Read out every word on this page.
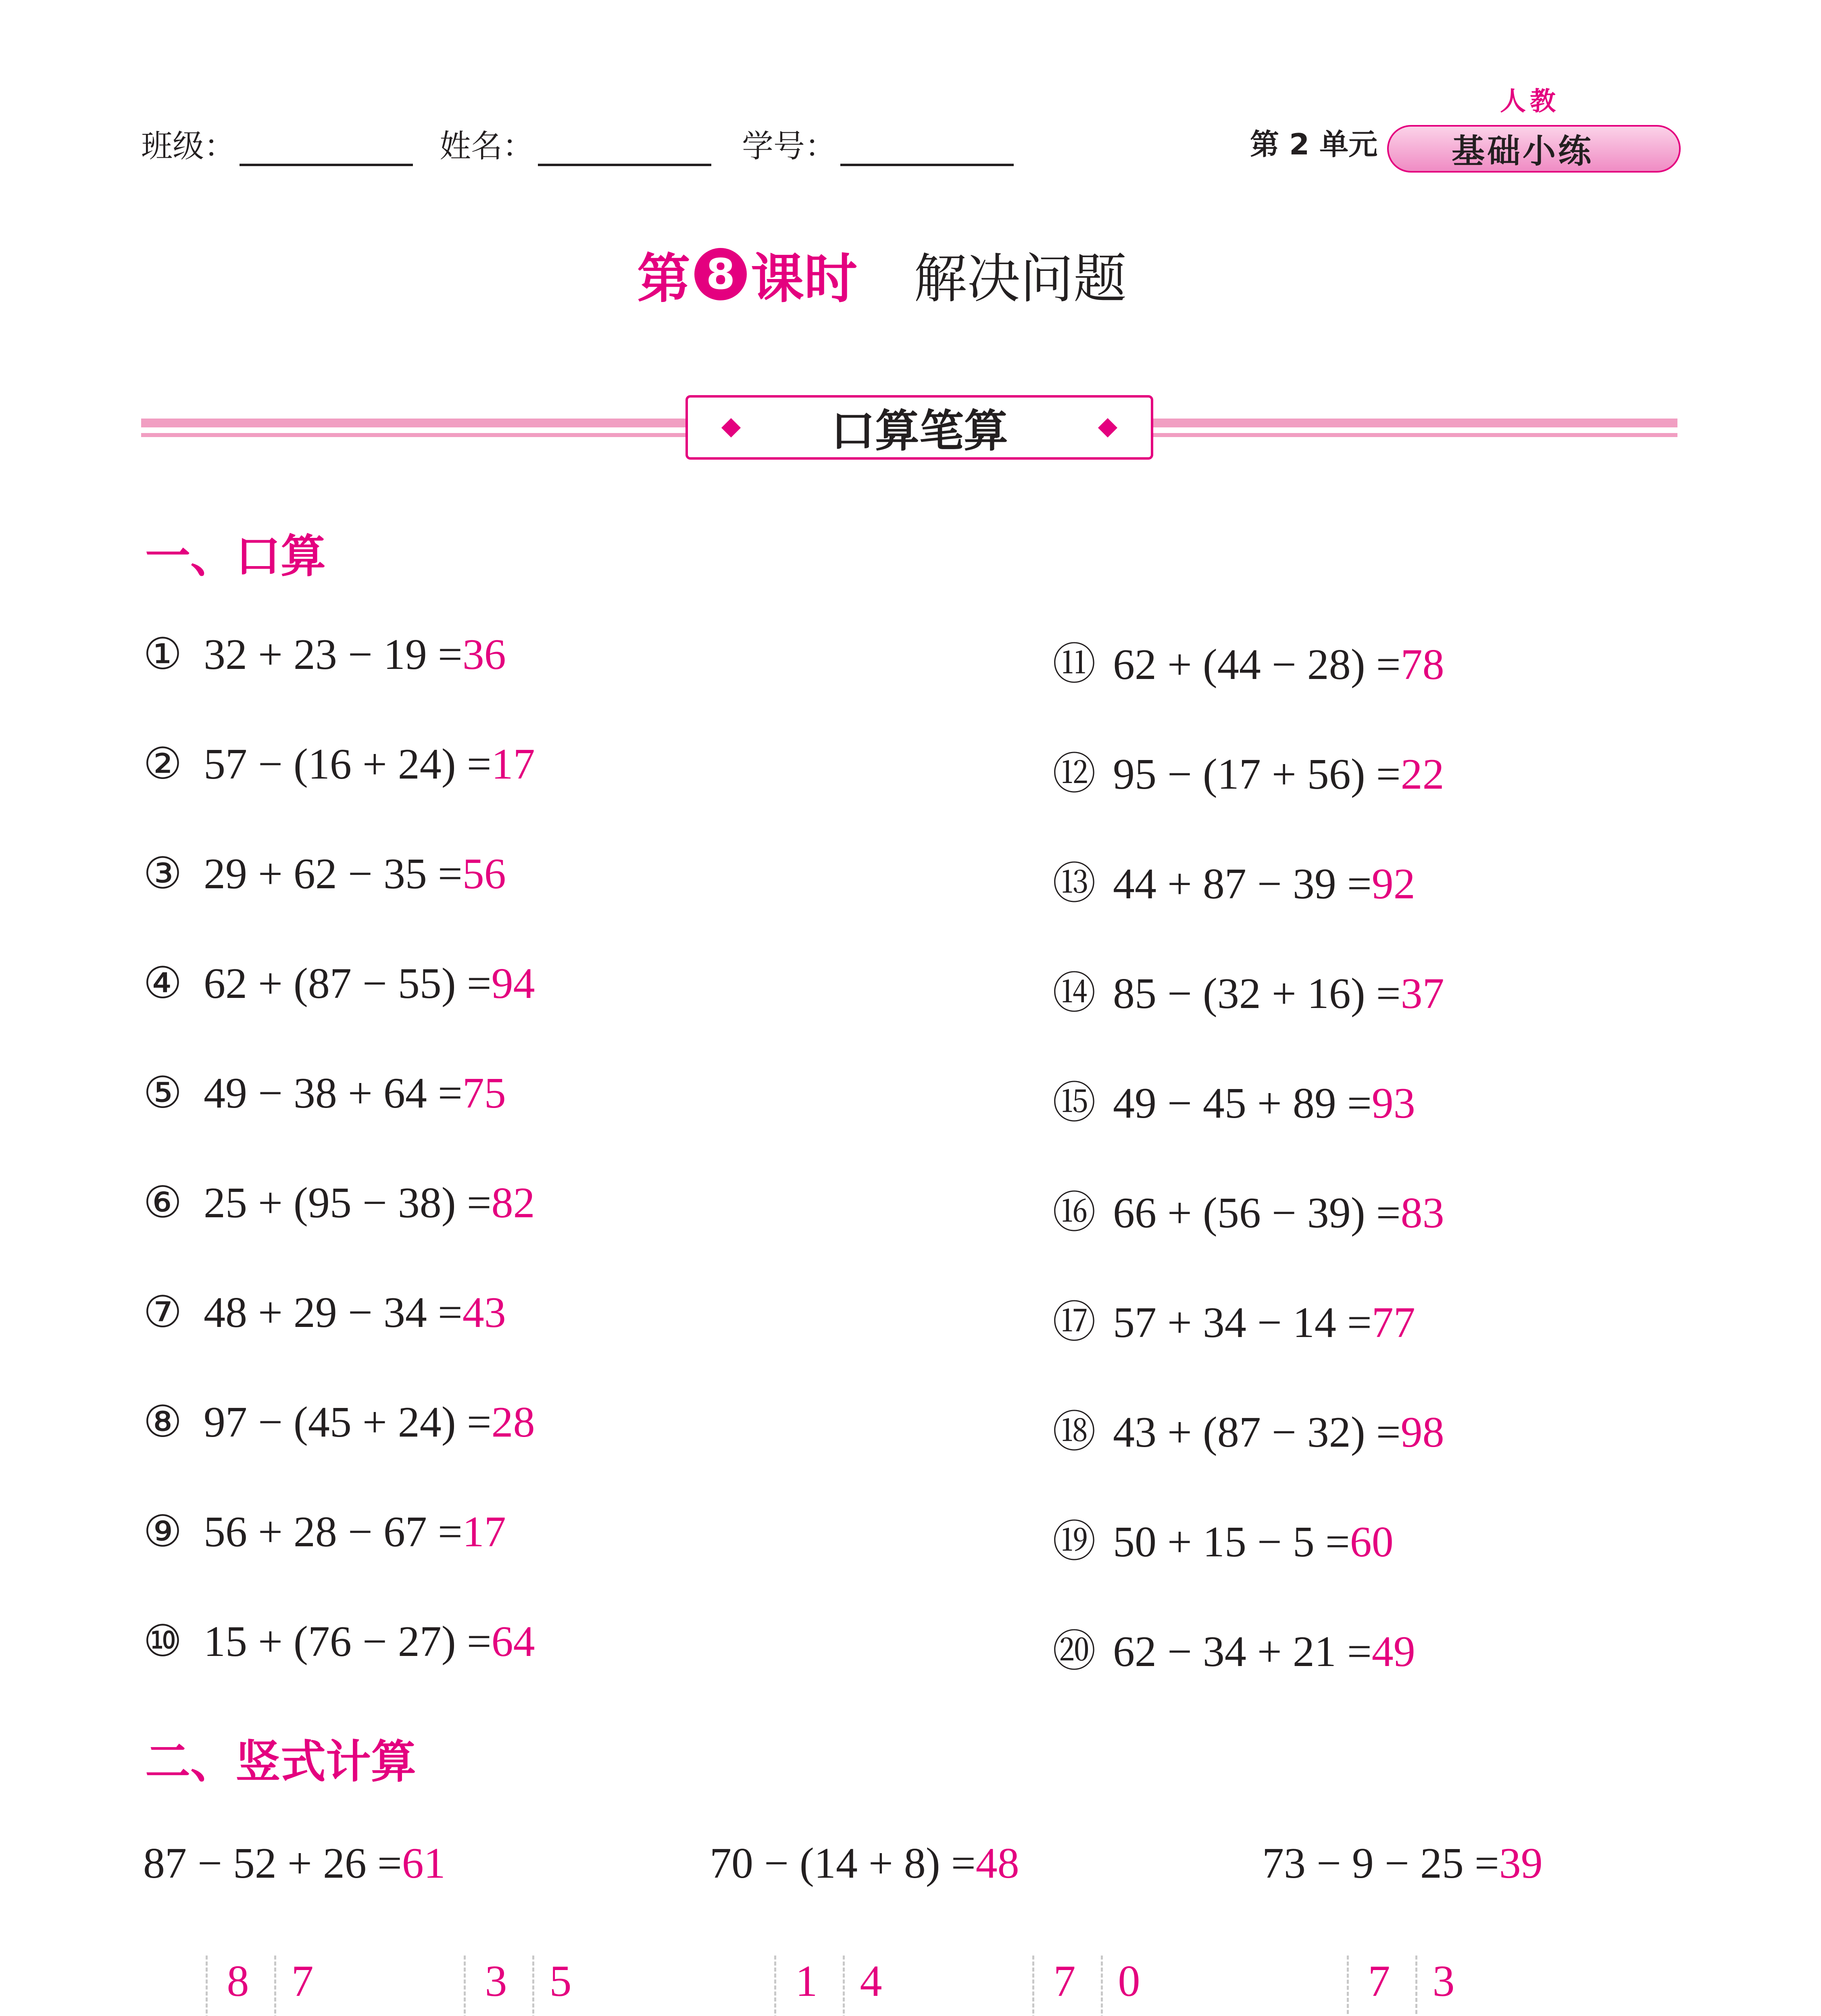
班级：	姓名：	学号：	第 2 单元
人教
基础小练
第 8 课时 解决问题
口算笔算
一、口算
① 32 + 23 − 19 =36
② 57 − (16 + 24) =17
③ 29 + 62 − 35 =56
④ 62 + (87 − 55) =94
⑤ 49 − 38 + 64 =75
⑥ 25 + (95 − 38) =82
⑦ 48 + 29 − 34 =43
⑧ 97 − (45 + 24) =28
⑨ 56 + 28 − 67 =17
⑩ 15 + (76 − 27) =64
⑪ 62 + (44 − 28) =78
⑫ 95 − (17 + 56) =22
⑬ 44 + 87 − 39 =92
⑭ 85 − (32 + 16) =37
⑮ 49 − 45 + 89 =93
⑯ 66 + (56 − 39) =83
⑰ 57 + 34 − 14 =77
⑱ 43 + (87 − 32) =98
⑲ 50 + 15 − 5 =60
⑳ 62 − 34 + 21 =49
二、竖式计算
87 − 52 + 26 =61	70 − (14 + 8) =48	73 − 9 − 25 =39
8 7	3 5	1 4	7 0	7 3
